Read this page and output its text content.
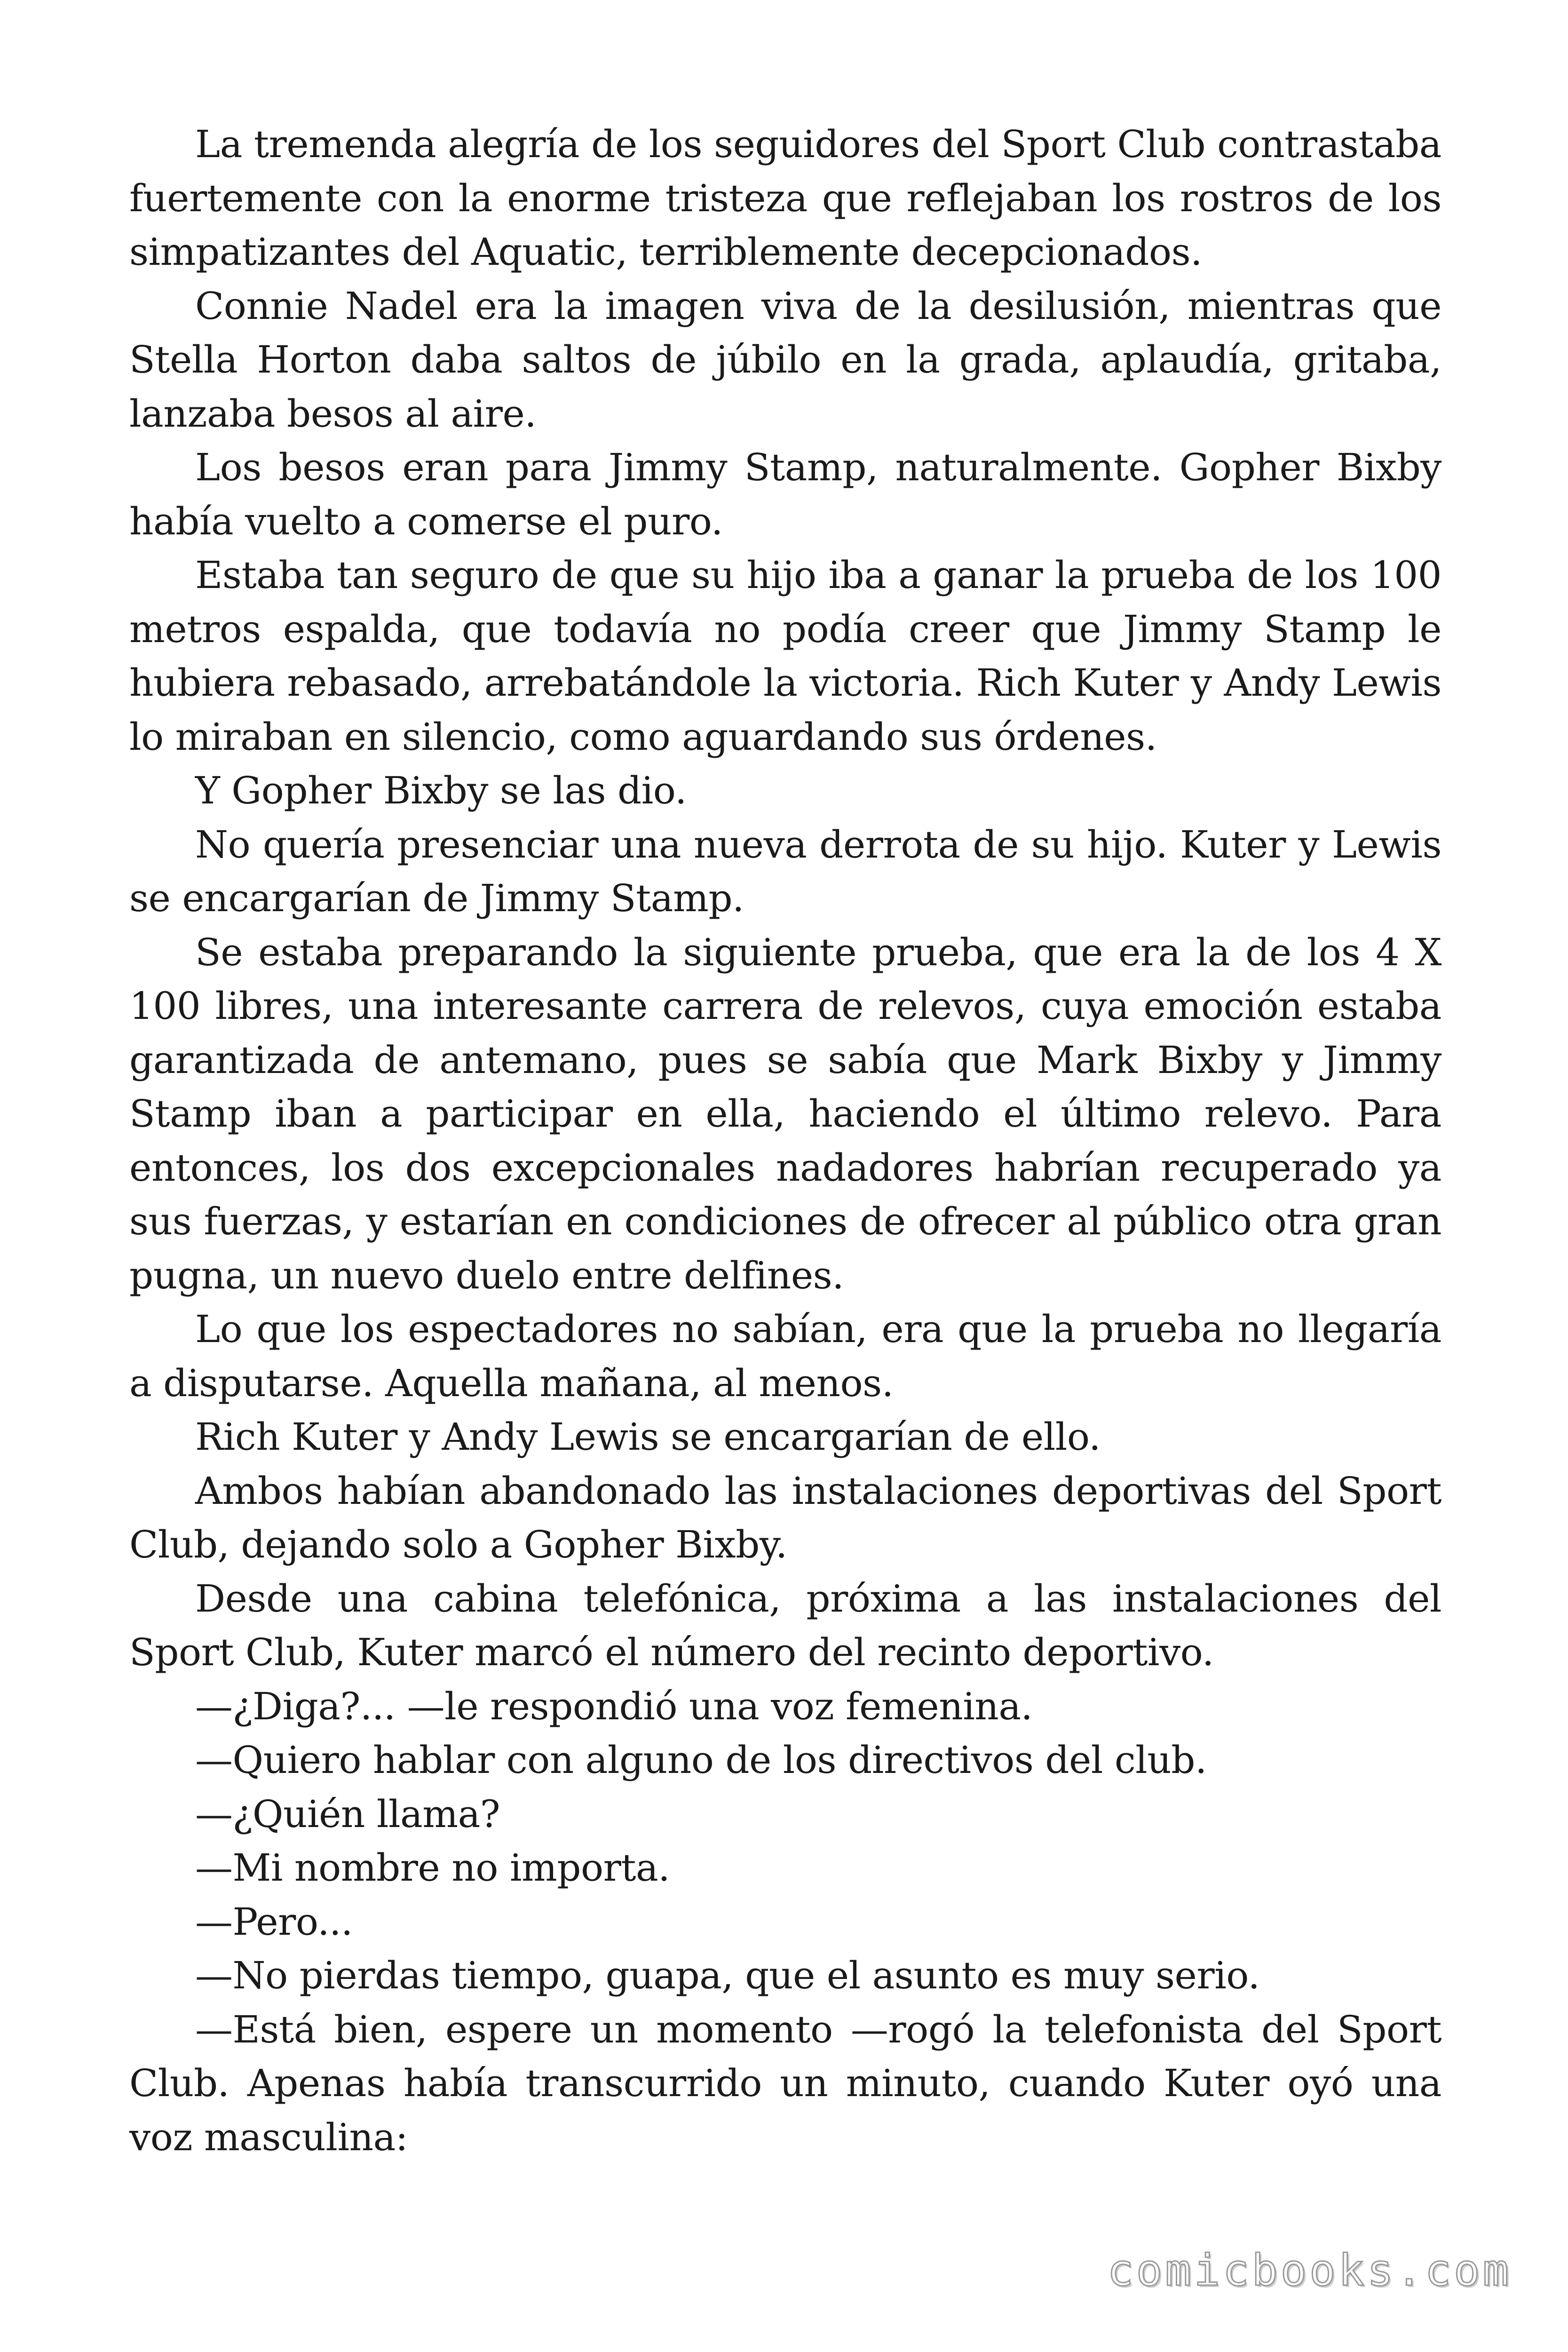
La tremenda alegría de los seguidores del Sport Club contrastaba fuertemente con la enorme tristeza que reflejaban los rostros de los simpatizantes del Aquatic, terriblemente decepcionados.

Connie Nadel era la imagen viva de la desilusión, mientras que Stella Horton daba saltos de júbilo en la grada, aplaudía, gritaba, lanzaba besos al aire.

Los besos eran para Jimmy Stamp, naturalmente. Gopher Bixby había vuelto a comerse el puro.

Estaba tan seguro de que su hijo iba a ganar la prueba de los 100 metros espalda, que todavía no podía creer que Jimmy Stamp le hubiera rebasado, arrebatándole la victoria. Rich Kuter y Andy Lewis lo miraban en silencio, como aguardando sus órdenes.

Y Gopher Bixby se las dio.

No quería presenciar una nueva derrota de su hijo. Kuter y Lewis se encargarían de Jimmy Stamp.

Se estaba preparando la siguiente prueba, que era la de los 4 X 100 libres, una interesante carrera de relevos, cuya emoción estaba garantizada de antemano, pues se sabía que Mark Bixby y Jimmy Stamp iban a participar en ella, haciendo el último relevo. Para entonces, los dos excepcionales nadadores habrían recuperado ya sus fuerzas, y estarían en condiciones de ofrecer al público otra gran pugna, un nuevo duelo entre delfines.

Lo que los espectadores no sabían, era que la prueba no llegaría a disputarse. Aquella mañana, al menos.

Rich Kuter y Andy Lewis se encargarían de ello.

Ambos habían abandonado las instalaciones deportivas del Sport Club, dejando solo a Gopher Bixby.

Desde una cabina telefónica, próxima a las instalaciones del Sport Club, Kuter marcó el número del recinto deportivo.

—¿Diga?... —le respondió una voz femenina.

—Quiero hablar con alguno de los directivos del club.

—¿Quién llama?

—Mi nombre no importa.

—Pero...

—No pierdas tiempo, guapa, que el asunto es muy serio.

—Está bien, espere un momento —rogó la telefonista del Sport Club. Apenas había transcurrido un minuto, cuando Kuter oyó una voz masculina:

comicbooks.com
